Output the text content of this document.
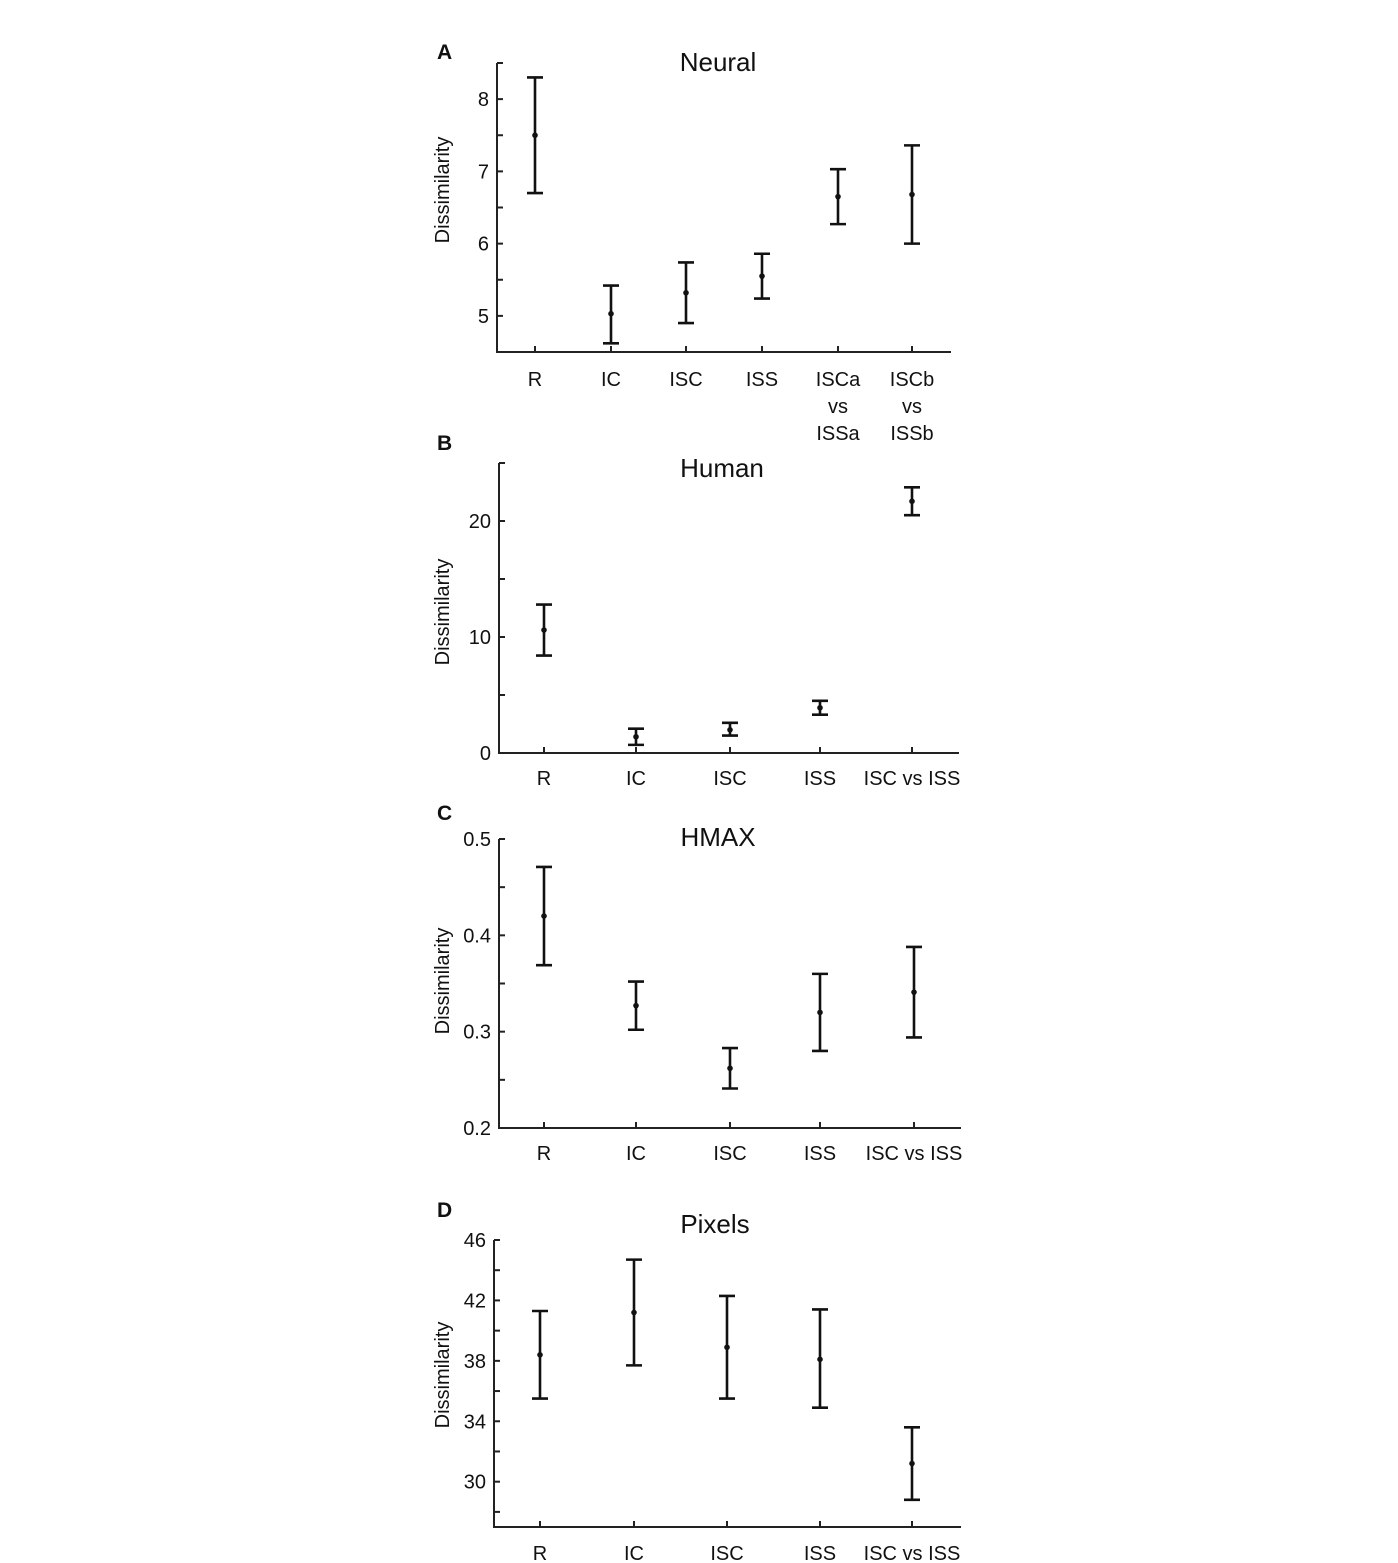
A	Neural
Dissimilarity
5
6
7
8
R	IC ISC ISS ISCa vs ISSa
ISCb vs ISSb
B
Human
Dissimilarity
0
10
20
R	IC	ISC	ISS ISC vs ISS
C
HMAX
Dissimilarity
0.2
0.3
0.4
0.5
R	IC	ISC	ISS ISC vs ISS
D	Pixels
Dissimilarity
30
34
38
42
46
R	IC	ISC	ISS ISC vs ISS
